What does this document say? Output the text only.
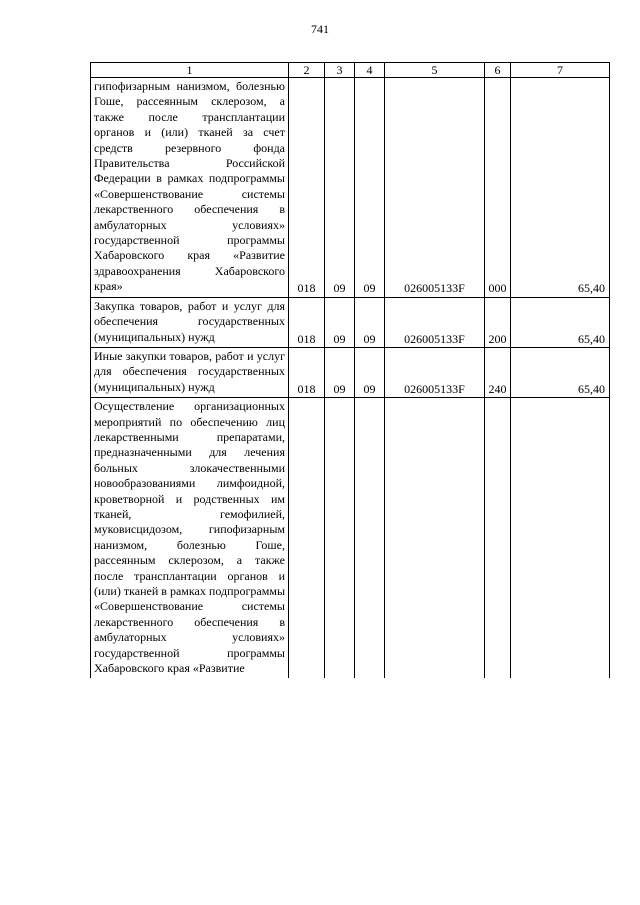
741
1	2	3	4	5	6	7
гипофизарным нанизмом, болезнью Гоше, рассеянным склерозом, а также после трансплантации органов и (или) тканей за счет средств резервного фонда Правительства Российской Федерации в рамках подпрограммы «Совершенствование системы лекарственного обеспечения в амбулаторных условиях» государственной программы Хабаровского края «Развитие здравоохранения Хабаровского края»	018	09	09	026005133F	000	65,40
Закупка товаров, работ и услуг для обеспечения государственных (муниципальных) нужд	018	09	09	026005133F	200	65,40
Иные закупки товаров, работ и услуг для обеспечения государственных (муниципальных) нужд	018	09	09	026005133F	240	65,40
Осуществление организационных мероприятий по обеспечению лиц лекарственными препаратами, предназначенными для лечения больных злокачественными новообразованиями лимфоидной, кроветворной и родственных им тканей, гемофилией, муковисцидозом, гипофизарным нанизмом, болезнью Гоше, рассеянным склерозом, а также после трансплантации органов и (или) тканей в рамках подпрограммы «Совершенствование системы лекарственного обеспечения в амбулаторных условиях» государственной программы Хабаровского края «Развитие						
